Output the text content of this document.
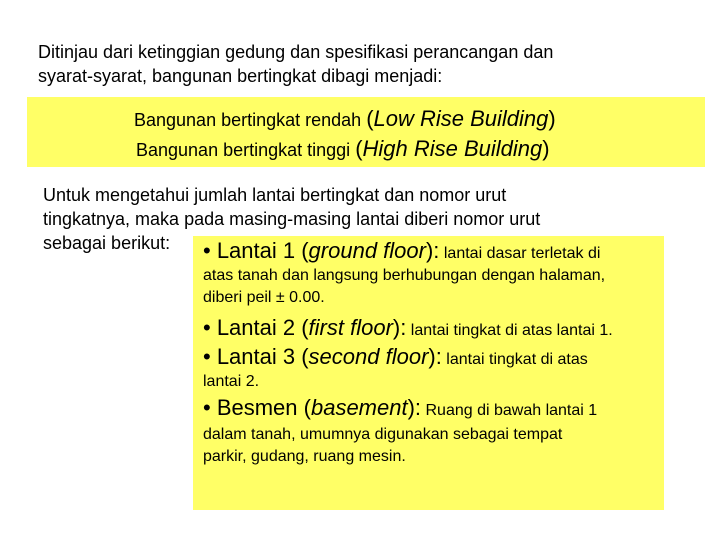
Ditinjau dari ketinggian gedung dan spesifikasi perancangan dan
syarat-syarat, bangunan bertingkat dibagi menjadi:
Bangunan bertingkat rendah (Low Rise Building)
Bangunan bertingkat tinggi (High Rise Building)
Untuk mengetahui jumlah lantai bertingkat dan nomor urut
tingkatnya, maka pada masing-masing lantai diberi nomor urut
sebagai berikut: • Lantai 1 (ground floor): lantai dasar terletak di
atas tanah dan langsung berhubungan dengan halaman,
diberi peil ± 0.00.
• Lantai 2 (first floor): lantai tingkat di atas lantai 1.
• Lantai 3 (second floor): lantai tingkat di atas
lantai 2.
• Besmen (basement): Ruang di bawah lantai 1
dalam tanah, umumnya digunakan sebagai tempat
parkir, gudang, ruang mesin.
